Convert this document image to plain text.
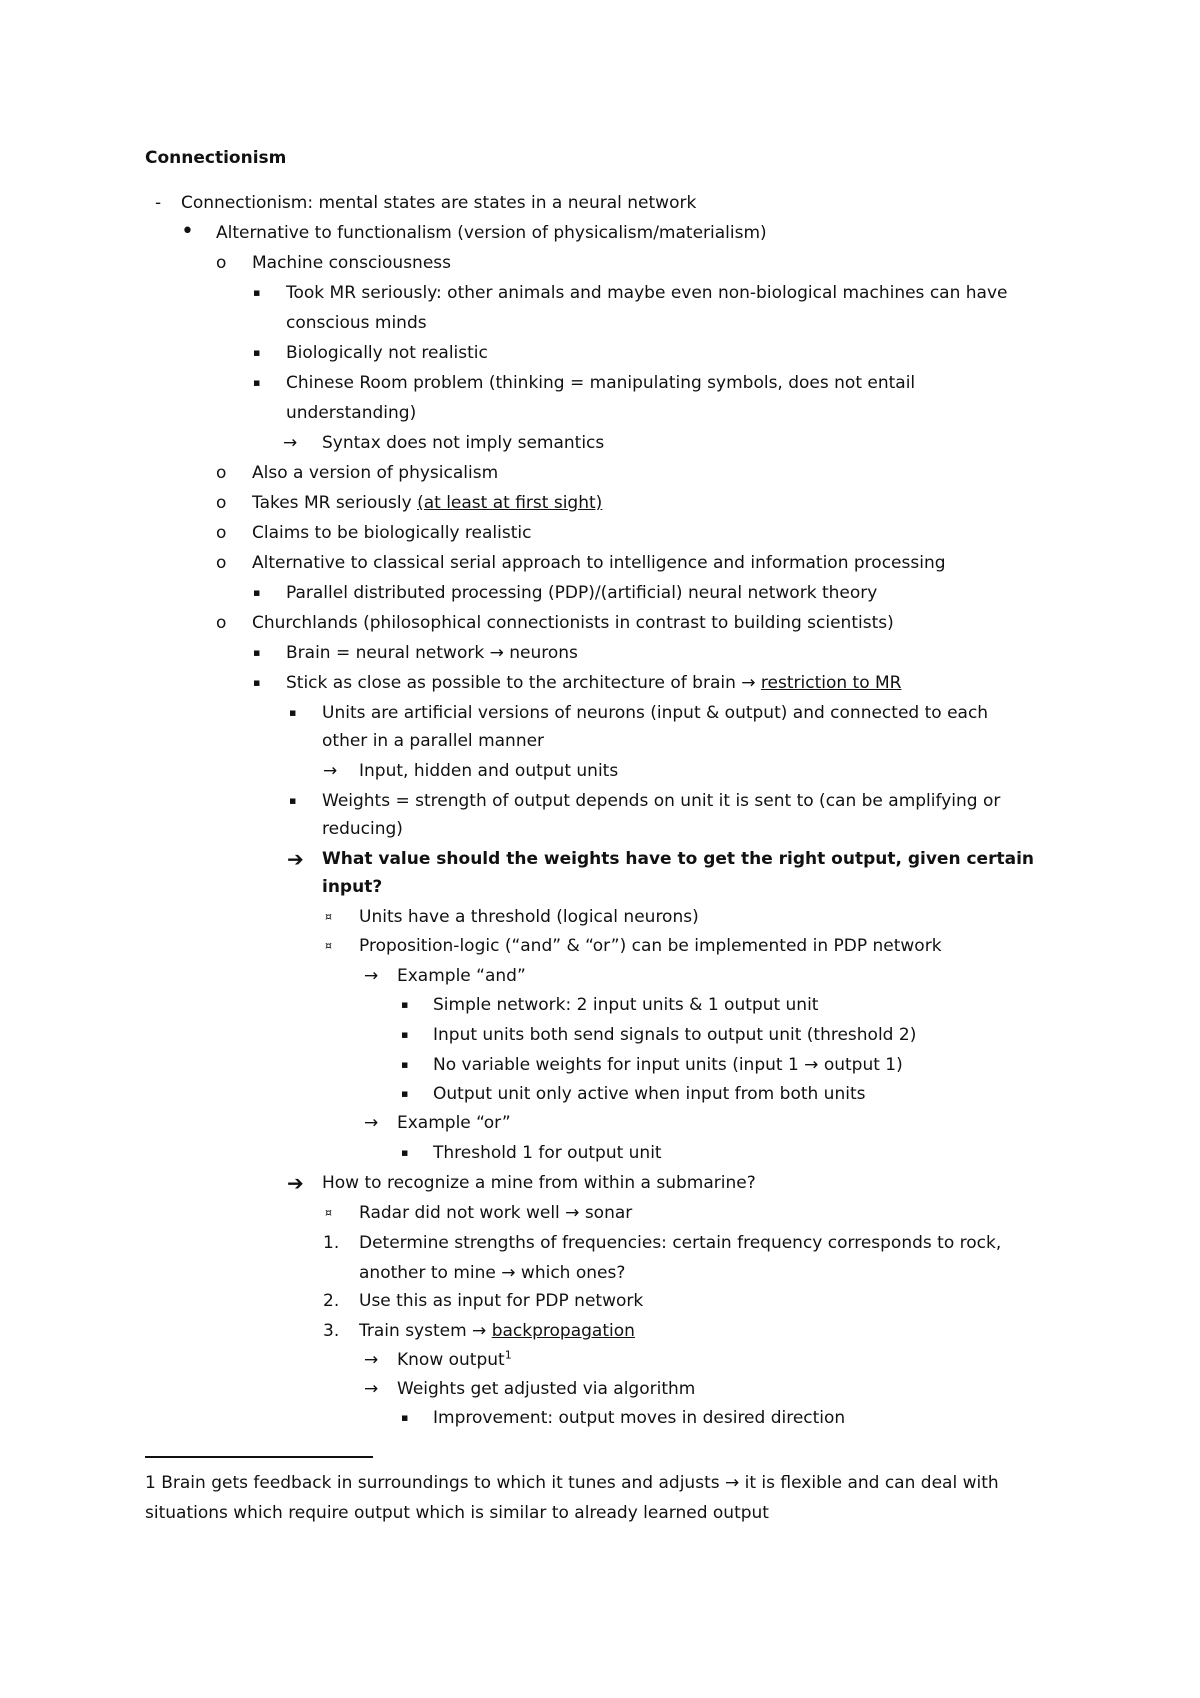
Connectionism
- Connectionism: mental states are states in a neural network
• Alternative to functionalism (version of physicalism/materialism)
o Machine consciousness
▪ Took MR seriously: other animals and maybe even non-biological machines can have
conscious minds
▪ Biologically not realistic
▪ Chinese Room problem (thinking = manipulating symbols, does not entail
understanding)
→ Syntax does not imply semantics
o Also a version of physicalism
o Takes MR seriously (at least at first sight)
o Claims to be biologically realistic
o Alternative to classical serial approach to intelligence and information processing
▪ Parallel distributed processing (PDP)/(artificial) neural network theory
o Churchlands (philosophical connectionists in contrast to building scientists)
▪ Brain = neural network → neurons
▪ Stick as close as possible to the architecture of brain → restriction to MR
▪ Units are artificial versions of neurons (input & output) and connected to each
other in a parallel manner
→ Input, hidden and output units
▪ Weights = strength of output depends on unit it is sent to (can be amplifying or
reducing)
➔ What value should the weights have to get the right output, given certain
input?
¤ Units have a threshold (logical neurons)
¤ Proposition-logic (“and” & “or”) can be implemented in PDP network
→ Example “and”
▪ Simple network: 2 input units & 1 output unit
▪ Input units both send signals to output unit (threshold 2)
▪ No variable weights for input units (input 1 → output 1)
▪ Output unit only active when input from both units
→ Example “or”
▪ Threshold 1 for output unit
➔ How to recognize a mine from within a submarine?
¤ Radar did not work well → sonar
1. Determine strengths of frequencies: certain frequency corresponds to rock,
another to mine → which ones?
2. Use this as input for PDP network
3. Train system → backpropagation
→ Know output$^1$
→ Weights get adjusted via algorithm
▪ Improvement: output moves in desired direction
1 Brain gets feedback in surroundings to which it tunes and adjusts → it is flexible and can deal with
situations which require output which is similar to already learned output
